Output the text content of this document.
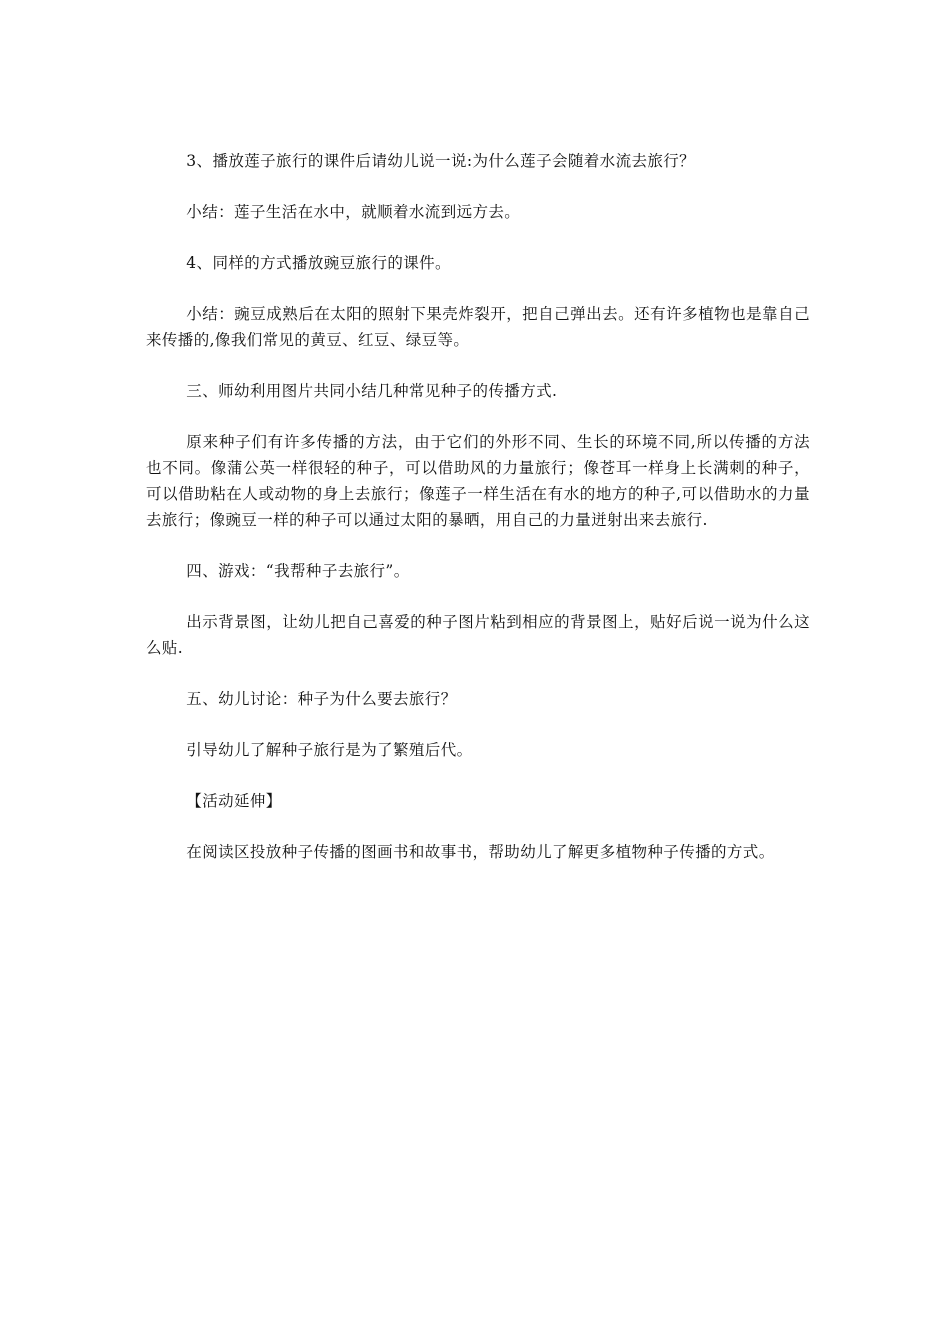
3、播放莲子旅行的课件后请幼儿说一说:为什么莲子会随着水流去旅行？

小结：莲子生活在水中，就顺着水流到远方去。

4、同样的方式播放豌豆旅行的课件。

小结：豌豆成熟后在太阳的照射下果壳炸裂开，把自己弹出去。还有许多植物也是靠自己来传播的,像我们常见的黄豆、红豆、绿豆等。

三、师幼利用图片共同小结几种常见种子的传播方式.

原来种子们有许多传播的方法，由于它们的外形不同、生长的环境不同,所以传播的方法也不同。像蒲公英一样很轻的种子，可以借助风的力量旅行；像苍耳一样身上长满刺的种子，可以借助粘在人或动物的身上去旅行；像莲子一样生活在有水的地方的种子,可以借助水的力量去旅行；像豌豆一样的种子可以通过太阳的暴晒，用自己的力量迸射出来去旅行.

四、游戏：“我帮种子去旅行”。

出示背景图，让幼儿把自己喜爱的种子图片粘到相应的背景图上，贴好后说一说为什么这么贴.

五、幼儿讨论：种子为什么要去旅行？

引导幼儿了解种子旅行是为了繁殖后代。

【活动延伸】

在阅读区投放种子传播的图画书和故事书，帮助幼儿了解更多植物种子传播的方式。
